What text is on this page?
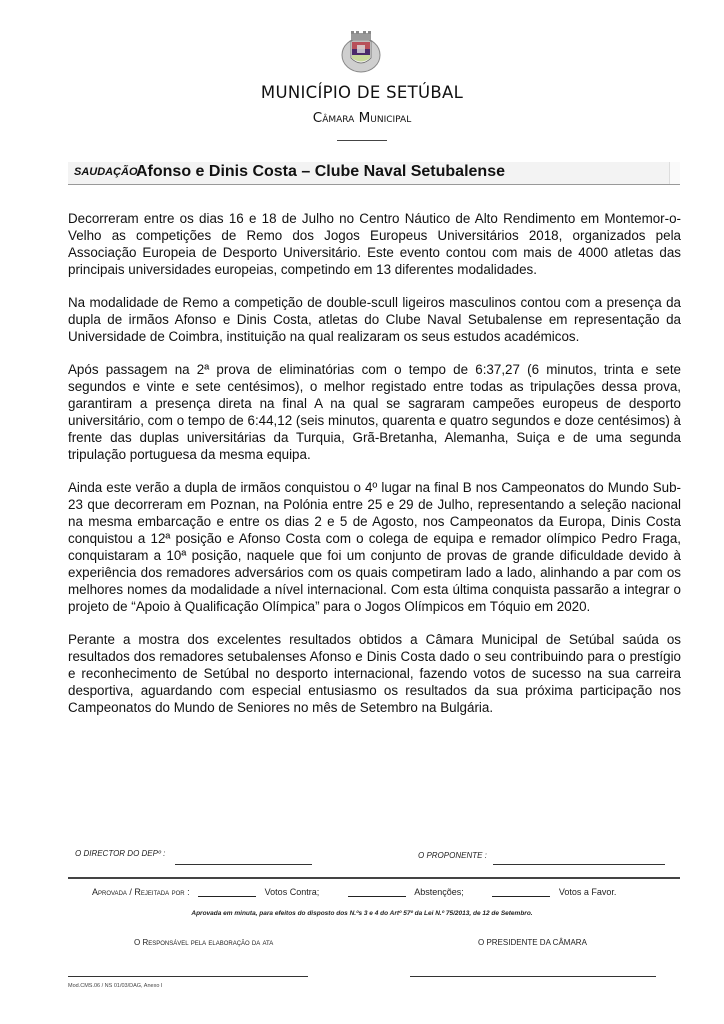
MUNICÍPIO DE SETÚBAL
Câmara Municipal
SAUDAÇÃO:
Afonso e Dinis Costa – Clube Naval Setubalense

Decorreram entre os dias 16 e 18 de Julho no Centro Náutico de Alto Rendimento em Montemor-o-Velho as competições de Remo dos Jogos Europeus Universitários 2018, organizados pela Associação Europeia de Desporto Universitário. Este evento contou com mais de 4000 atletas das principais universidades europeias, competindo em 13 diferentes modalidades.

Na modalidade de Remo a competição de double-scull ligeiros masculinos contou com a presença da dupla de irmãos Afonso e Dinis Costa, atletas do Clube Naval Setubalense em representação da Universidade de Coimbra, instituição na qual realizaram os seus estudos académicos.

Após passagem na 2ª prova de eliminatórias com o tempo de 6:37,27 (6 minutos, trinta e sete segundos e vinte e sete centésimos), o melhor registado entre todas as tripulações dessa prova, garantiram a presença direta na final A na qual se sagraram campeões europeus de desporto universitário, com o tempo de 6:44,12 (seis minutos, quarenta e quatro segundos e doze centésimos) à frente das duplas universitárias da Turquia, Grã-Bretanha, Alemanha, Suiça e de uma segunda tripulação portuguesa da mesma equipa.

Ainda este verão a dupla de irmãos conquistou o 4º lugar na final B nos Campeonatos do Mundo Sub-23 que decorreram em Poznan, na Polónia entre 25 e 29 de Julho, representando a seleção nacional na mesma embarcação e entre os dias 2 e 5 de Agosto, nos Campeonatos da Europa, Dinis Costa conquistou a 12ª posição e Afonso Costa com o colega de equipa e remador olímpico Pedro Fraga, conquistaram a 10ª posição, naquele que foi um conjunto de provas de grande dificuldade devido à experiência dos remadores adversários com os quais competiram lado a lado, alinhando a par com os melhores nomes da modalidade a nível internacional. Com esta última conquista passarão a integrar o projeto de “Apoio à Qualificação Olímpica” para o Jogos Olímpicos em Tóquio em 2020.

Perante a mostra dos excelentes resultados obtidos a Câmara Municipal de Setúbal saúda os resultados dos remadores setubalenses Afonso e Dinis Costa dado o seu contribuindo para o prestígio e reconhecimento de Setúbal no desporto internacional, fazendo votos de sucesso na sua carreira desportiva, aguardando com especial entusiasmo os resultados da sua próxima participação nos Campeonatos do Mundo de Seniores no mês de Setembro na Bulgária.

O DIRECTOR DO DEPº :	O PROPONENTE :
Aprovada / Rejeitada por :	Votos Contra;	Abstenções;	Votos a Favor.
Aprovada em minuta, para efeitos do disposto dos N.ºs 3 e 4 do Artº 57º da Lei N.º 75/2013, de 12 de Setembro.
O Responsável pela elaboração da ata	O PRESIDENTE DA CÂMARA
Mod.CMS.06 / NS 01/03/DAG, Anexo I
